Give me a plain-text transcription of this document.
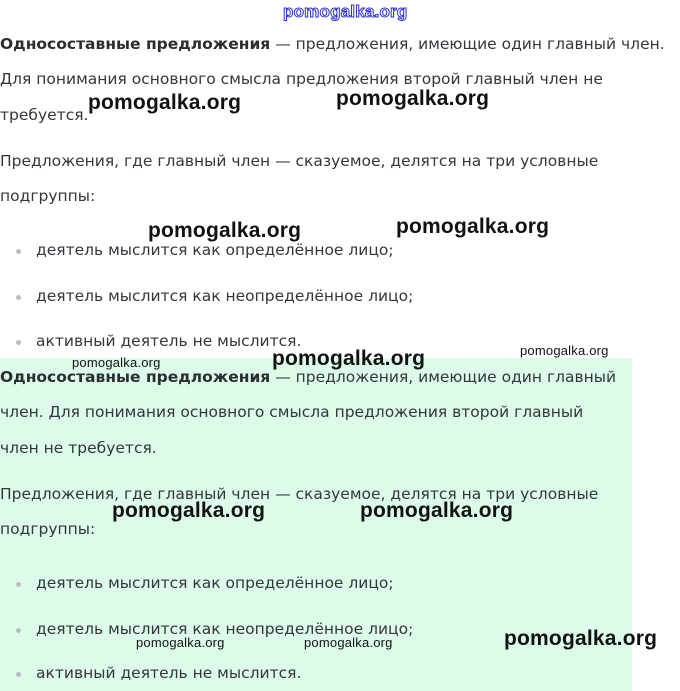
Односоставные предложения — предложения, имеющие один главный член.

Для понимания основного смысла предложения второй главный член не

требуется.

Предложения, где главный член — сказуемое, делятся на три условные

подгруппы:

деятель мыслится как определённое лицо;
деятель мыслится как неопределённое лицо;
активный деятель не мыслится.

Односоставные предложения — предложения, имеющие один главный

член. Для понимания основного смысла предложения второй главный

член не требуется.

Предложения, где главный член — сказуемое, делятся на три условные

подгруппы:

деятель мыслится как определённое лицо;
деятель мыслится как неопределённое лицо;
активный деятель не мыслится.
pomogalka.org
pomogalka.org	pomogalka.org
pomogalka.org	pomogalka.org
pomogalka.org	pomogalka.org	pomogalka.org
pomogalka.org	pomogalka.org
pomogalka.org	pomogalka.org	pomogalka.org
